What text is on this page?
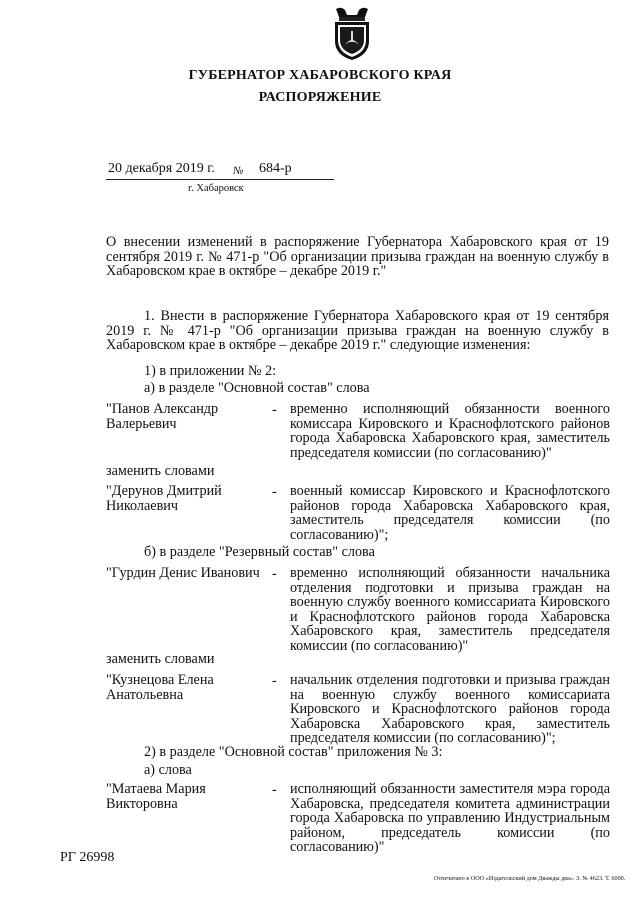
ГУБЕРНАТОР ХАБАРОВСКОГО КРАЯ
РАСПОРЯЖЕНИЕ
20 декабря 2019 г. № 684-р
г. Хабаровск

О внесении изменений в распоряжение Губернатора Хабаровского края от 19 сентября 2019 г. № 471-р "Об организации призыва граждан на военную службу в Хабаровском крае в октябре – декабре 2019 г."

1. Внести в распоряжение Губернатора Хабаровского края от 19 сентября 2019 г. № 471-р "Об организации призыва граждан на военную службу в Хабаровском крае в октябре – декабре 2019 г." следующие изменения:

1) в приложении № 2:
а) в разделе "Основной состав" слова
"Панов Александр Валерьевич
- временно исполняющий обязанности военного комиссара Кировского и Краснофлотского районов города Хабаровска Хабаровского края, заместитель председателя комиссии (по согласованию)"

заменить словами
"Дерунов Дмитрий Николаевич
- военный комиссар Кировского и Краснофлотского районов города Хабаровска Хабаровского края, заместитель председателя комиссии (по согласованию)";

б) в разделе "Резервный состав" слова
"Гурдин Денис Иванович - временно исполняющий обязанности начальника отделения подготовки и призыва граждан на военную службу военного комиссариата Кировского и Краснофлотского районов города Хабаровска Хабаровского края, заместитель председателя комиссии (по согласованию)"

заменить словами
"Кузнецова Елена Анатольевна
- начальник отделения подготовки и призыва граждан на военную службу военного комиссариата Кировского и Краснофлотского районов города Хабаровска Хабаровского края, заместитель председателя комиссии (по согласованию)";

2) в разделе "Основной состав" приложения № 3:
а) слова
"Матаева Мария Викторовна
- исполняющий обязанности заместителя мэра города Хабаровска, председателя комитета администрации города Хабаровска по управлению Индустриальным районом, председатель комиссии (по согласованию)"

РГ 26998
Отпечатано в ООО «Издательский дом Дважды два». З. № 4623. Т. 6000.
